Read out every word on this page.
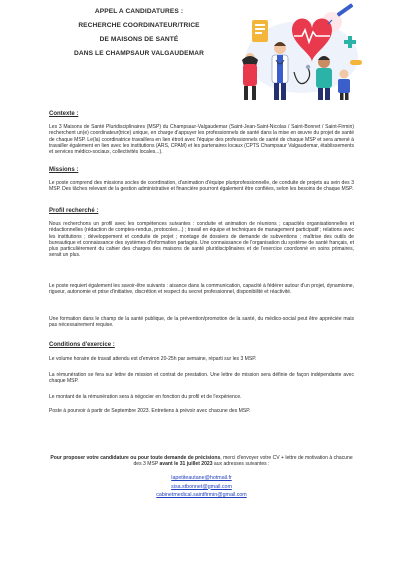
APPEL A CANDIDATURES :
RECHERCHE COORDINATEUR/TRICE
DE MAISONS DE SANTÉ
DANS LE CHAMPSAUR VALGAUDEMAR
Contexte :
Les 3 Maisons de Santé Pluridisciplinaires (MSP) du Champsaur-Valgaudemar (Saint-Jean-Saint-Nicolas / Saint-Bonnet / Saint-Firmin) recherchent un(e) coordinateur(trice) unique, en charge d'appuyer les professionnels de santé dans la mise en œuvre du projet de santé de chaque MSP. Le(la) coordinatrice travaillera en lien étroit avec l'équipe des professionnels de santé de chaque MSP et sera amené à travailler également en lien avec les institutions (ARS, CPAM) et les partenaires locaux (CPTS Champsaur Valgaudemar, établissements et services médico-sociaux, collectivités locales...).
Missions :
Le poste comprend des missions socles de coordination, d'animation d'équipe pluriprofessionnelle, de conduite de projets au sein des 3 MSP. Des tâches relevant de la gestion administrative et financière pourront également être confiées, selon les besoins de chaque MSP.
Profil recherché :
Nous recherchons un profil avec les compétences suivantes : conduite et animation de réunions ; capacités organisationnelles et rédactionnelles (rédaction de comptes-rendus, protocoles...) ; travail en équipe et techniques de management participatif ; relations avec les institutions ; développement et conduite de projet ; montage de dossiers de demande de subventions ; maîtrise des outils de bureautique et connaissance des systèmes d'information partagés. Une connaissance de l'organisation du système de santé français, et plus particulièrement du cahier des charges des maisons de santé pluridisciplinaires et de l'exercice coordonné en soins primaires, serait un plus.
Le poste requiert également les savoir-être suivants : aisance dans la communication, capacité à fédérer autour d'un projet, dynamisme, rigueur, autonomie et prise d'initiative, discrétion et respect du secret professionnel, disponibilité et réactivité.
Une formation dans le champ de la santé publique, de la prévention/promotion de la santé, du médico-social peut être appréciée mais pas nécessairement requise.
Conditions d'exercice :
Le volume horaire de travail attendu est d'environ 20-25h par semaine, réparti sur les 3 MSP.
La rémunération se fera sur lettre de mission et contrat de prestation. Une lettre de mission sera définie de façon indépendante avec chaque MSP.
Le montant de la rémunération sera à négocier en fonction du profil et de l'expérience.
Poste à pourvoir à partir de Septembre 2023. Entretiens à prévoir avec chacune des MSP.
Pour proposer votre candidature ou pour toute demande de précisions, merci d'envoyer votre CV + lettre de motivation à chacune des 3 MSP avant le 31 juillet 2023 aux adresses suivantes :
lapetiteautane@hotmail.fr
sisa.stbonnet@gmail.com
cabinetmedical.saintfirmin@gmail.com
